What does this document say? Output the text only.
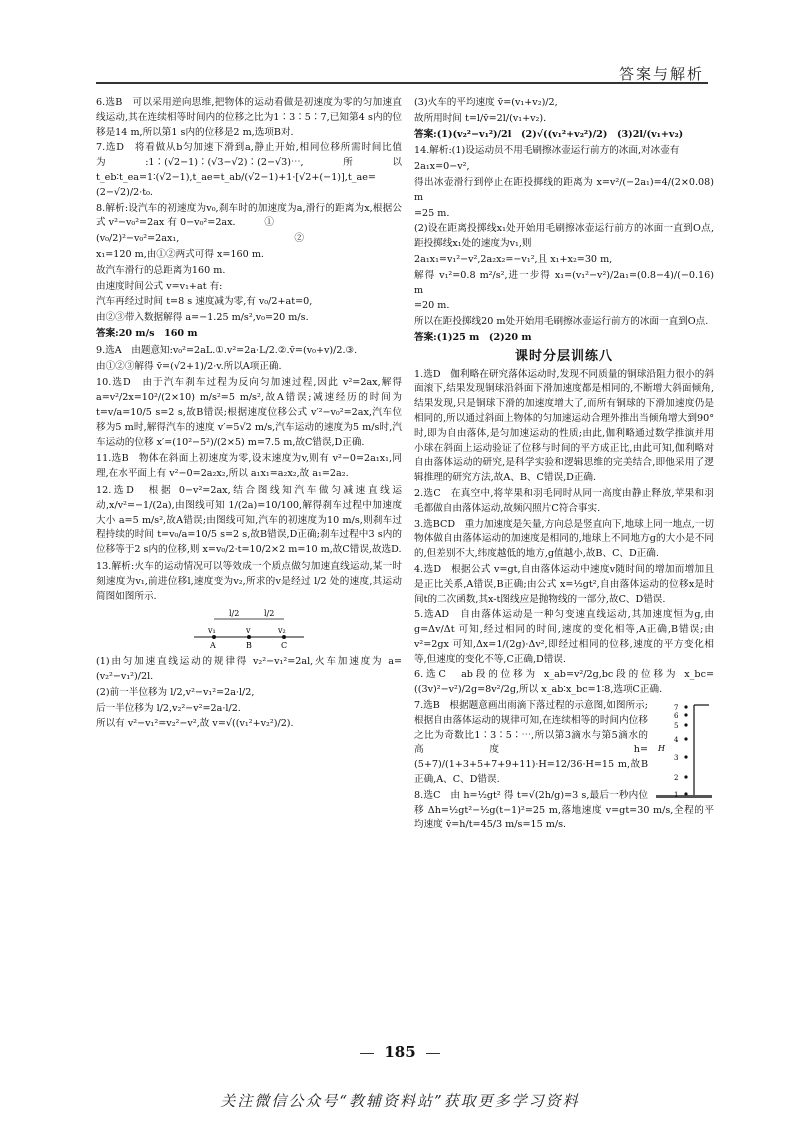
答案与解析
6.选B　可以采用逆向思维,把物体的运动看做是初速度为零的匀加速直线运动,其在连续相等时间内的位移之比为1∶3∶5∶7,已知第4 s内的位移是14 m,所以第1 s内的位移是2 m,选项B对.
7.选D　将看做从b匀加速下滑到a,静止开始,相同位移所需时间比值为:1∶(√2−1)∶(√3−√2)∶(2−√3)⋯,所以 t_eb∶t_ea=1∶(√2−1),t_ae=t_ab/(√2−1)+1·[√2+(−1)],t_ae=(2−√2)/2·t₀.
8.解析:设汽车的初速度为v₀,刹车时的加速度为a,滑行的距离为x,根据公式 v²−v₀²=2ax 有 0−v₀²=2ax.　　　①
(v₀/2)²−v₀²=2ax₁,　　　　　　　　　　　　②
x₁=120 m,由①②两式可得 x=160 m.
故汽车滑行的总距离为160 m.
由速度时间公式 v=v₁+at 有:
汽车再经过时间 t=8 s 速度减为零,有 v₀/2+at=0,
由②③带入数据解得 a=−1.25 m/s²,v₀=20 m/s.
答案:20 m/s　160 m
9.选A　由题意知:v₀²=2aL.①.v²=2a·L/2.②.v̄=(v₀+v)/2.③.
由①②③解得 v̄=(√2+1)/2·v.所以A项正确.
10.选D　由于汽车刹车过程为反向匀加速过程,因此 v²=2ax,解得 a=v²/2x=10²/(2×10) m/s²=5 m/s²,故A错误;减速经历的时间为 t=v/a=10/5 s=2 s,故B错误;根据速度位移公式 v′²−v₀²=2ax,汽车位移为5 m时,解得汽车的速度 v′=5√2 m/s,汽车运动的速度为5 m/s时,汽车运动的位移 x′=(10²−5²)/(2×5) m=7.5 m,故C错误,D正确.
11.选B　物体在斜面上初速度为零,设末速度为v,则有 v²−0=2a₁x₁,同理,在水平面上有 v²−0=2a₂x₂,所以 a₁x₁=a₂x₂,故 a₁=2a₂.
12.选D　根据 0−v²=2ax,结合图线知汽车做匀减速直线运动,x/v²=−1/(2a),由图线可知 1/(2a)=10/100,解得刹车过程中加速度大小 a=5 m/s²,故A错误;由图线可知,汽车的初速度为10 m/s,则刹车过程持续的时间 t=v₀/a=10/5 s=2 s,故B错误,D正确;刹车过程中3 s内的位移等于2 s内的位移,则 x=v₀/2·t=10/2×2 m=10 m,故C错误,故选D.
13.解析:火车的运动情况可以等效成一个质点做匀加速直线运动,某一时刻速度为v₁,前进位移l,速度变为v₂,所求的v是经过 l/2 处的速度,其运动简图如图所示.
l/2	l/2
v₁	v	v₂
A	B	C
(1)由匀加速直线运动的规律得 v₂²−v₁²=2al,火车加速度为 a=(v₂²−v₁²)/2l.
(2)前一半位移为 l/2,v²−v₁²=2a·l/2,
后一半位移为 l/2,v₂²−v²=2a·l/2.
所以有 v²−v₁²=v₂²−v²,故 v=√((v₁²+v₂²)/2).
(3)火车的平均速度 v̄=(v₁+v₂)/2,
故所用时间 t=l/v̄=2l/(v₁+v₂).
答案:(1)(v₂²−v₁²)/2l　(2)√((v₁²+v₂²)/2)　(3)2l/(v₁+v₂)
14.解析:(1)设运动员不用毛刷擦冰壶运行前方的冰面,对冰壶有
2a₁x=0−v²,
得出冰壶滑行到停止在距投掷线的距离为 x=v²/(−2a₁)=4/(2×0.08) m
=25 m.
(2)设在距离投掷线x₁处开始用毛刷擦冰壶运行前方的冰面一直到O点,距投掷线x₁处的速度为v₁,则
2a₁x₁=v₁²−v²,2a₂x₂=−v₁²,且 x₁+x₂=30 m,
解得 v₁²=0.8 m²/s²,进一步得 x₁=(v₁²−v²)/2a₁=(0.8−4)/(−0.16) m
=20 m.
所以在距投掷线20 m处开始用毛刷擦冰壶运行前方的冰面一直到O点.
答案:(1)25 m　(2)20 m
课时分层训练八
1.选D　伽利略在研究落体运动时,发现不同质量的铜球沿阻力很小的斜面滚下,结果发现铜球沿斜面下滑加速度都是相同的,不断增大斜面倾角,结果发现,只是铜球下滑的加速度增大了,而所有铜球的下滑加速度仍是相同的,所以通过斜面上物体的匀加速运动合理外推出当倾角增大到90°时,即为自由落体,是匀加速运动的性质;由此,伽利略通过数学推演并用小球在斜面上运动验证了位移与时间的平方成正比,由此可知,伽利略对自由落体运动的研究,是科学实验和逻辑思维的完美结合,即他采用了逻辑推理的研究方法,故A、B、C错误,D正确.
2.选C　在真空中,将苹果和羽毛同时从同一高度由静止释放,苹果和羽毛都做自由落体运动,故频闪照片C符合事实.
3.选BCD　重力加速度是矢量,方向总是竖直向下,地球上同一地点,一切物体做自由落体运动的加速度是相同的,地球上不同地方g的大小是不同的,但差别不大,纬度越低的地方,g值越小,故B、C、D正确.
4.选D　根据公式 v=gt,自由落体运动中速度v随时间的增加而增加且是正比关系,A错误,B正确;由公式 x=½gt²,自由落体运动的位移x是时间t的二次函数,其x-t图线应是抛物线的一部分,故C、D错误.
5.选AD　自由落体运动是一种匀变速直线运动,其加速度恒为g,由 g=Δv/Δt 可知,经过相同的时间,速度的变化相等,A正确,B错误;由 v²=2gx 可知,Δx=1/(2g)·Δv²,即经过相同的位移,速度的平方变化相等,但速度的变化不等,C正确,D错误.
6.选C　ab段的位移为 x_ab=v²/2g,bc段的位移为 x_bc=((3v)²−v²)/2g=8v²/2g,所以 x_ab∶x_bc=1∶8,选项C正确.
7
6
5
4
3
2
1
H
7.选B　根据题意画出雨滴下落过程的示意图,如图所示;根据自由落体运动的规律可知,在连续相等的时间内位移之比为奇数比1∶3∶5∶⋯,所以第3滴水与第5滴水的高度 h=(5+7)/(1+3+5+7+9+11)·H=12/36·H=15 m,故B正确,A、C、D错误.
8.选C　由 h=½gt² 得 t=√(2h/g)=3 s,最后一秒内位移 Δh=½gt²−½g(t−1)²=25 m,落地速度 v=gt=30 m/s,全程的平均速度 v̄=h/t=45/3 m/s=15 m/s.
185
关注微信公众号“教辅资料站”获取更多学习资料
